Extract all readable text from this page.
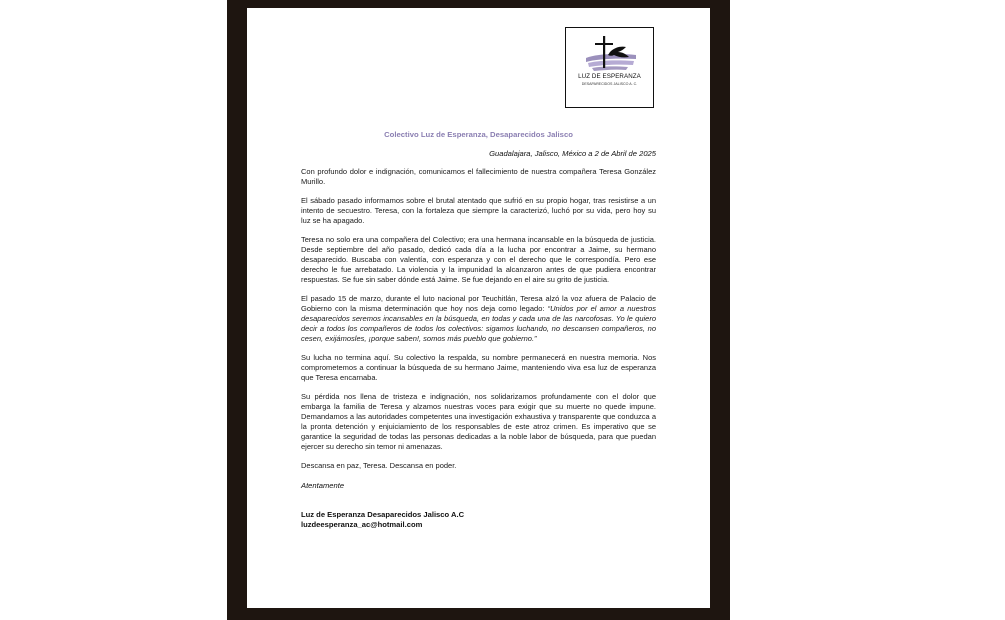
LUZ DE ESPERANZA
DESAPARECIDOS JALISCO A. C.
Colectivo Luz de Esperanza, Desaparecidos Jalisco
Guadalajara, Jalisco, México a 2 de Abril de 2025

Con profundo dolor e indignación, comunicamos el fallecimiento de nuestra compañera Teresa González Murillo.

El sábado pasado informamos sobre el brutal atentado que sufrió en su propio hogar, tras resistirse a un intento de secuestro. Teresa, con la fortaleza que siempre la caracterizó, luchó por su vida, pero hoy su luz se ha apagado.

Teresa no solo era una compañera del Colectivo; era una hermana incansable en la búsqueda de justicia. Desde septiembre del año pasado, dedicó cada día a la lucha por encontrar a Jaime, su hermano desaparecido. Buscaba con valentía, con esperanza y con el derecho que le correspondía. Pero ese derecho le fue arrebatado. La violencia y la impunidad la alcanzaron antes de que pudiera encontrar respuestas. Se fue sin saber dónde está Jaime. Se fue dejando en el aire su grito de justicia.

El pasado 15 de marzo, durante el luto nacional por Teuchitlán, Teresa alzó la voz afuera de Palacio de Gobierno con la misma determinación que hoy nos deja como legado: “Unidos por el amor a nuestros desaparecidos seremos incansables en la búsqueda, en todas y cada una de las narcofosas. Yo le quiero decir a todos los compañeros de todos los colectivos: sigamos luchando, no descansen compañeros, no cesen, exijámosles, ¡porque saben!, somos más pueblo que gobierno.”

Su lucha no termina aquí. Su colectivo la respalda, su nombre permanecerá en nuestra memoria. Nos comprometemos a continuar la búsqueda de su hermano Jaime, manteniendo viva esa luz de esperanza que Teresa encarnaba.

Su pérdida nos llena de tristeza e indignación, nos solidarizamos profundamente con el dolor que embarga la familia de Teresa y alzamos nuestras voces para exigir que su muerte no quede impune. Demandamos a las autoridades competentes una investigación exhaustiva y transparente que conduzca a la pronta detención y enjuiciamiento de los responsables de este atroz crimen. Es imperativo que se garantice la seguridad de todas las personas dedicadas a la noble labor de búsqueda, para que puedan ejercer su derecho sin temor ni amenazas.

Descansa en paz, Teresa. Descansa en poder.

Atentamente
Luz de Esperanza Desaparecidos Jalisco A.C
luzdeesperanza_ac@hotmail.com
